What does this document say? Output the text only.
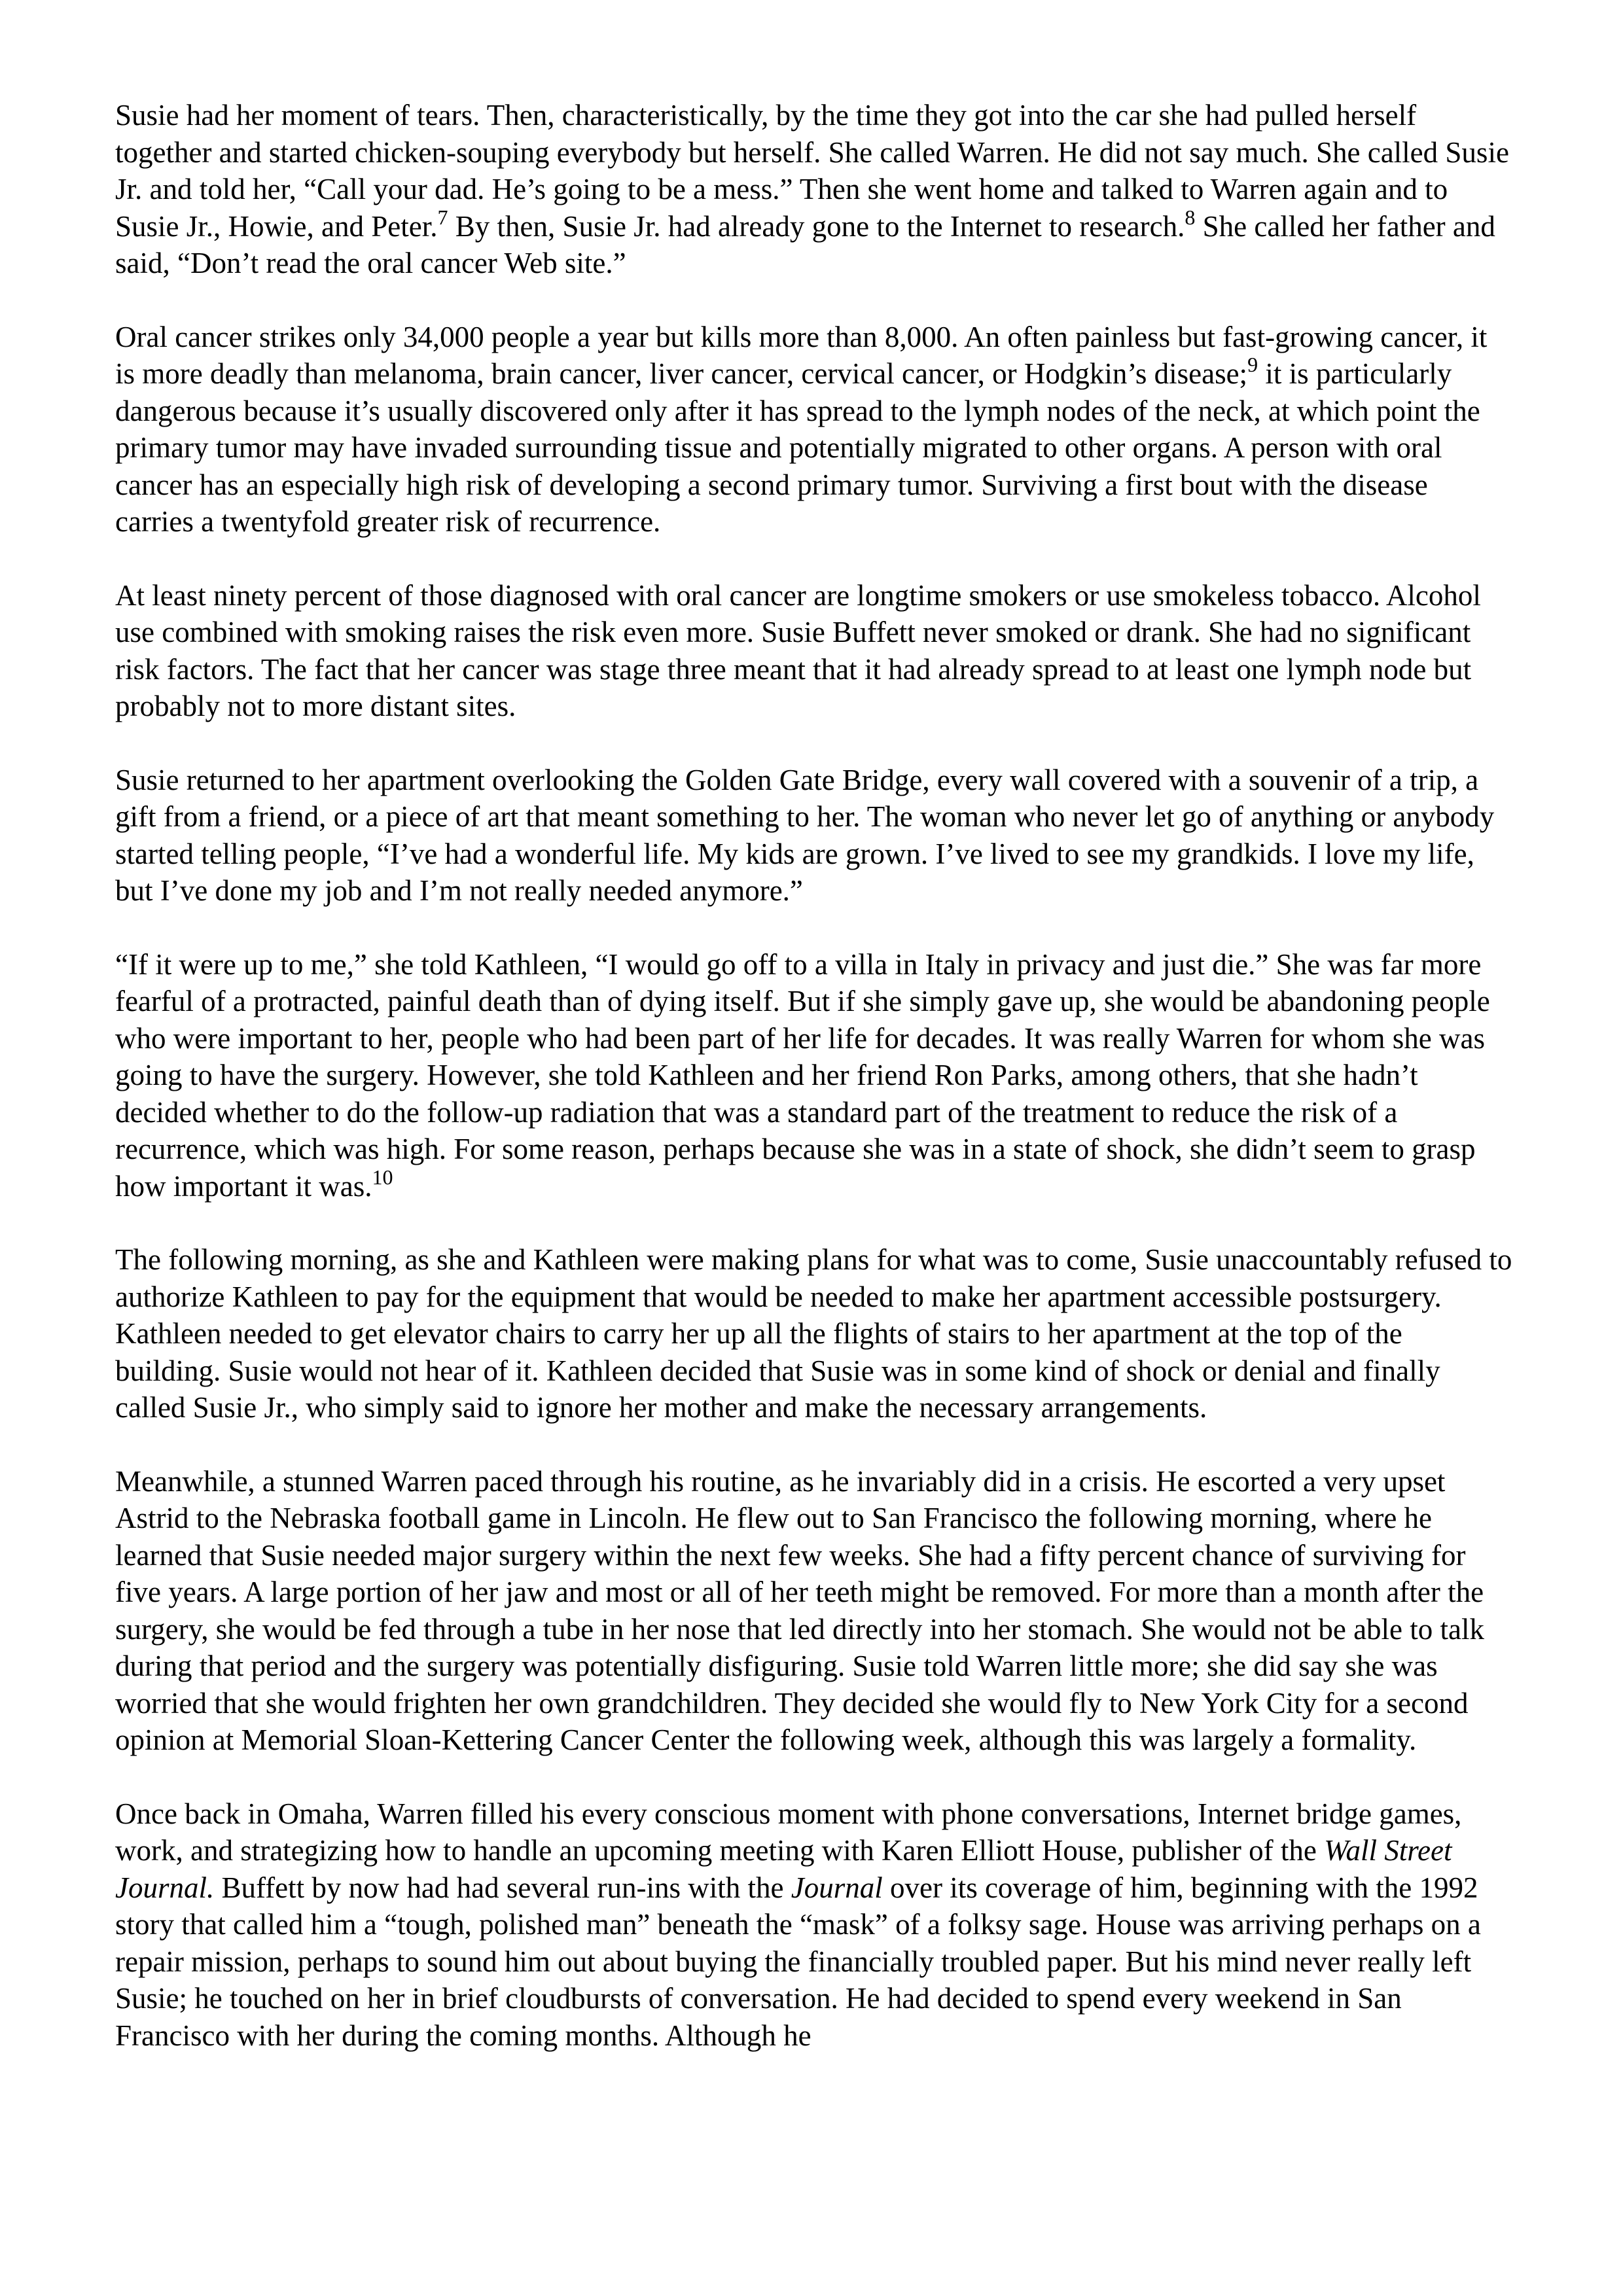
Susie had her moment of tears. Then, characteristically, by the time they got into the car she had pulled herself together and started chicken-souping everybody but herself. She called Warren. He did not say much. She called Susie Jr. and told her, “Call your dad. He’s going to be a mess.” Then she went home and talked to Warren again and to Susie Jr., Howie, and Peter.$^7$ By then, Susie Jr. had already gone to the Internet to research.$^8$ She called her father and said, “Don’t read the oral cancer Web site.”

Oral cancer strikes only 34,000 people a year but kills more than 8,000. An often painless but fast-growing cancer, it is more deadly than melanoma, brain cancer, liver cancer, cervical cancer, or Hodgkin’s disease;$^9$ it is particularly dangerous because it’s usually discovered only after it has spread to the lymph nodes of the neck, at which point the primary tumor may have invaded surrounding tissue and potentially migrated to other organs. A person with oral cancer has an especially high risk of developing a second primary tumor. Surviving a first bout with the disease carries a twentyfold greater risk of recurrence.

At least ninety percent of those diagnosed with oral cancer are longtime smokers or use smokeless tobacco. Alcohol use combined with smoking raises the risk even more. Susie Buffett never smoked or drank. She had no significant risk factors. The fact that her cancer was stage three meant that it had already spread to at least one lymph node but probably not to more distant sites.

Susie returned to her apartment overlooking the Golden Gate Bridge, every wall covered with a souvenir of a trip, a gift from a friend, or a piece of art that meant something to her. The woman who never let go of anything or anybody started telling people, “I’ve had a wonderful life. My kids are grown. I’ve lived to see my grandkids. I love my life, but I’ve done my job and I’m not really needed anymore.”

“If it were up to me,” she told Kathleen, “I would go off to a villa in Italy in privacy and just die.” She was far more fearful of a protracted, painful death than of dying itself. But if she simply gave up, she would be abandoning people who were important to her, people who had been part of her life for decades. It was really Warren for whom she was going to have the surgery. However, she told Kathleen and her friend Ron Parks, among others, that she hadn’t decided whether to do the follow-up radiation that was a standard part of the treatment to reduce the risk of a recurrence, which was high. For some reason, perhaps because she was in a state of shock, she didn’t seem to grasp how important it was.$^{10}$

The following morning, as she and Kathleen were making plans for what was to come, Susie unaccountably refused to authorize Kathleen to pay for the equipment that would be needed to make her apartment accessible postsurgery. Kathleen needed to get elevator chairs to carry her up all the flights of stairs to her apartment at the top of the building. Susie would not hear of it. Kathleen decided that Susie was in some kind of shock or denial and finally called Susie Jr., who simply said to ignore her mother and make the necessary arrangements.

Meanwhile, a stunned Warren paced through his routine, as he invariably did in a crisis. He escorted a very upset Astrid to the Nebraska football game in Lincoln. He flew out to San Francisco the following morning, where he learned that Susie needed major surgery within the next few weeks. She had a fifty percent chance of surviving for five years. A large portion of her jaw and most or all of her teeth might be removed. For more than a month after the surgery, she would be fed through a tube in her nose that led directly into her stomach. She would not be able to talk during that period and the surgery was potentially disfiguring. Susie told Warren little more; she did say she was worried that she would frighten her own grandchildren. They decided she would fly to New York City for a second opinion at Memorial Sloan-Kettering Cancer Center the following week, although this was largely a formality.

Once back in Omaha, Warren filled his every conscious moment with phone conversations, Internet bridge games, work, and strategizing how to handle an upcoming meeting with Karen Elliott House, publisher of the Wall Street Journal. Buffett by now had had several run-ins with the Journal over its coverage of him, beginning with the 1992 story that called him a “tough, polished man” beneath the “mask” of a folksy sage. House was arriving perhaps on a repair mission, perhaps to sound him out about buying the financially troubled paper. But his mind never really left Susie; he touched on her in brief cloudbursts of conversation. He had decided to spend every weekend in San Francisco with her during the coming months. Although he
